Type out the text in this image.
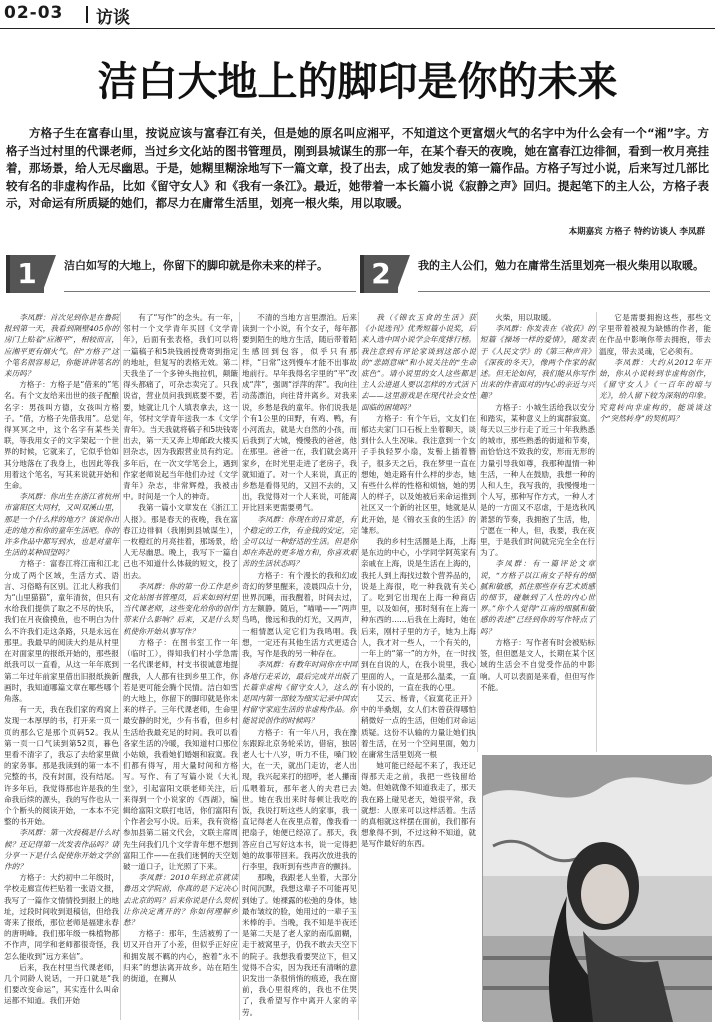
02-03 访谈
洁白大地上的脚印是你的未来

方格子生在富春山里，按说应该与富春江有关，但是她的原名叫应湘平，不知道这个更富烟火气的名字中为什么会有一个“湘”字。方格子当过村里的代课老师，当过乡文化站的图书管理员，刚到县城谋生的那一年，在某个春天的夜晚，她在富春江边徘徊，看到一枚月亮挂着，那场景，给人无尽幽思。于是，她糊里糊涂地写下一篇文章，投了出去，成了她发表的第一篇作品。方格子写过小说，后来写过几部比较有名的非虚构作品，比如《留守女人》和《我有一条江》。最近，她带着一本长篇小说《寂静之声》回归。提起笔下的主人公，方格子表示，对命运有所质疑的她们，都尽力在庸常生活里，划亮一根火柴，用以取暖。

本期嘉宾 方格子 特约访谈人 李凤群
1	洁白如写的大地上，你留下的脚印就是你未来的样子。	2	我的主人公们，勉力在庸常生活里划亮一根火柴用以取暖。

李凤群：首次见到你是在鲁院报到第一天，我看到隔壁405你的房门上贴着“应湘平”，相较而言，应湘平更有烟火气。但“方格子”这个笔名很容易记，你能讲讲笔名的来历吗？

方格子：方格子是“借来的”笔名。有个文友给来出世的孩子配酿名字：男孩叫方德，女孩叫方格子。“借，方格子先借我用”。总觉得冥冥之中，这个名字有某些关联，等我用女子的文字架起一个世界的时候，它就来了，它似乎恰如其分地落在了我身上，也因此等我用着这个笔名，写其来说就开始和生命。

李凤群：你出生在浙江省杭州市富阳区大同村，又叫双溪山里，那是一个什么样的地方？该说你出走的地方和你的童年生活吧。你的许多作品中都写到水，也是对童年生活的某种回望吗？

方格子：富春江将江南和江北分成了两个区域，生活方式、语言、习俗略有区别。江北人称我们为“山里猫猫”，童年清贫，但只有水给我们提供了取之不尽的快乐，我们在月夜偷摸鱼，也不明白为什么不许我们走这条路，只是永远在那里。我最早的阅读大约是从村里在对面家里的报纸开始的，那些报纸我可以一直看，从这一年年底到第二年过年前家里借出旧报纸换新画时，我知道哪篇文章在哪些哪个角落。

有一天，我在我们家的鸡窝上发现一本厚厚的书，打开来一页一页的那么它是那个页码52。我从第一页一口气读到第52页，暮色里看不清字了，我忘了去给家里做的家务事。那是我读到的第一本不完整的书，没有封面，没有结尾。许多年后，我觉得那也许是我的生命我后续的源头，我的写作也从一个个断头的阅读开始，一本本不完整的书开始。

李凤群：第一次投稿是什么时候？还记得第一次发表作品吗？请分享一下是什么促使你开始文学创作的？

方格子：大约初中二年级时，学校走廊宣传栏贴着一张语文报，我写了一篇作文情情投到报上的地址，过段时间收到退稿信，但给我寄来了报纸，那位老师是福建永春的唐明峰。我们那年级一株植物都不作声，同学和老师都很奇怪，我怎么能收到“远方来信”。

后来，我在村里当代课老师，几个同龄人说话，一开口就是“我们要改变命运”，其实连什么叫命运都不知道。我们开始

有了“写作”的念头。有一年，邻村一个文学青年买回《文学青年》，后面有张表格，我们可以将一篇稿子和5块钱函授费寄到指定的地址，但复写的表格无效。第二天我坐了一个多钟头拖拉机，颠簸得头都痛了，可杂志卖完了。只我说省，营业员问我到底要不要，若要，她就让几个人填表拿去，这一年，邻村文学青年送我一本《文学青年》。当天我就将稿子和5块钱寄出去，第一天又奔上埠邮政大楼买回杂志，因为我跟营业员有约定。多年后，在一次文学笔会上，遇到作家老师说起当年他们办过《文学青年》杂志，非常辉煌，我被击中。时间是一个人的神奇。

我第一篇小文章发在《浙江工人报》。那是春天的夜晚，我在富春江边徘徊（我刚到县城谋生），一枚橙红的月亮挂着，那场景，给人无尽幽思。晚上，我写下一篇自己也不知道什么体裁的短文，投了出去。

李凤群：你的第一份工作是乡文化站图书管理员，后来如到村里当代课老师，这些变化给你的创作带来什么影响？后来，又是什么契机使你开始从事写作？

方格子：在图书室工作一年（临时工），得知我们村小学急需一名代课老师，村支书很诚意地提醒我，人人都有往到乡里工作，你若是更可能会腾个民情。洁白如雪的大地上，你留下的脚印就是你未来的样子。三年代课老师，生命里最安静的时光，少有书看，但乡村生活给我最充足的时间。我可以看各家生活的冷暖，我知道村口那位小姑娘，我看她们婚姻和寂寞。我们都有得写，用大量时间和方格写。写作、有了写篇小说《大礼堂》，引起富阳文联老师关注，后来得到一个小说家的《西湖》，编辑给富阳文联打电话，你们富阳有个作者会写小说。后来，我有资格参加县第二届文代会，文联主席周先生问我们几个文学青年想不想到富阳工作——在我们迷惘的天空划破一道口子，让光照了下来。

李凤群：2010年到北京就读鲁迅文学院前，你真的是下定决心去北京的吗？后来你说是什么契机让你决定离开的？你如何理解乡愁？

方格子：那年，生活被剪了一切又开自开了小差，但似乎正好应和拥发展不羁的内心，抱着“永不归来”的想法离开故乡。站在陌生的街道，在狮从

不清的当地方言里漂泊。后来读到一个小说，有个女子，每年都要到陌生的地方生活，随后带着陌生感回到包容，似乎只有那样，“日常”这列慢车才能不出事故地前行。早年我得名字里的“平”改成“萍”，强调“浮萍的萍”。我向往动荡漂泊，向往背井离乡。对我来说，乡愁是我的童年。你们说我是个有1公里的田野，有鸡、鸭，有小河流去，就是大自然的小孩，而后我到了大城，慢慢我的爸爸，他在那里。爸爸一在，我们就会离开家乡，在时光里走进了老房子，我就知道了。对一个人来说，真正的乡愁是看得见的，又回不去的，又出，我觉得对一个人来说，可能离开比回来更需要勇气。

李凤群：你现在的日常是，有个稳定的工作，有金钱的安定，完全可以过一种舒适的生活。但是你却在奔赴的更多地方和，你喜欢艰苦的生活状态吗？

方格子：有个漫长的我和幻或奇幻的梦里醒来，凌晨四点十分，世界沉睡，而我醒着，时间去过，方左额静。随后，“喵喵——”两声鸟鸣，像远和我的灯光，又两声，一相情愿认定它们为我鸣唱。我想，一定还有其他生活方式更适合我，写作是我的另一种存在。

李凤群：有数年时间你在中国各地行走采访，最后完成并出版了长篇非虚构《留守女人》，这么的是国内第一部较为细实记录中国农村留守家庭生活的非虚构作品。你能说说创作的时候吗？

方格子：有一年八月，我在豫东跟踪北京务轮采访，借宿，独居老人七十八岁，听力不佳，嗓门较大，在一天，就出门走访，老人出现，我兴起来打的招呼，老人攥南瓜喂着玩，那年老人的夫君已去世。她在我出来时每顿让我吃的饭，我说打听这些人的家事，我一直记得老人在夜里点着，像我看一把扇子，她便已经凉了。那天，我答应自己写好这本书，说一定得把她的故事带回来。我再次放进我的行李里，我听到有些声音的颤抖。

那晚，我跟老人坐着，大部分时间沉默，我想这辈子不可能再见到她了。她裸露的松弛的身体，她最布皱纹的脸，她用过的一辈子玉米棒的手。当晚，我不知是半夜还是第二天是了老人家的南瓜面糊，走于被窝里子，仍我不敢去天空下的院子。我想我看要哭泣下，但又觉得不合实，因为我还有清晰的意识发出一条很悄悄的痕迹，我在窗前，我心里很疼的，我也不住哭了，我希望写作中离开人家的辛劳。

我（《锦衣玉食的生活》获《小说选刊》优秀短篇小说奖，后来入选中国小说学会年度排行榜。我注意到有评论家谈到这部小说的“悲剧意味”和小说关注的“生命底色”。请小说里的女人这些都是主人公进退人要以怎样的方式活下去——这里游戏是在现代社会女性面临的困境吗？

方格子：有个午后，文友们在郁达夫家门口石板上坐着聊天，谈到什么人生况味。我注意到一个女子手执轻罗小扇，发髻上插着簪子，很多天之后，我在梦里一直在想她，她走路有什么样的步态，她有些什么样的性格和烦恼，她的男人的样子，以及她被后来命运推到社区又一个新的社区里，她就是从此开始，是《锦衣玉食的生活》的雏形。

我的乡村生活圈是上海，上海是东边的中心，小学同学阿英家有亲戚在上海，说是生活在上海的，我托人到上海找过数个营养品的，说是上海很，吃一种我就有关心了。吃到它出现在上海一种商店里，以及如何，那时刻有在上海一种东西的……后我在上海时，她在后来，刚村子里的方子，她为上海人，我才对一些人，一个有关的，一年上的“第一”的方外，在一时找到在自说的人，在我小说里，我心里面的人，一直是那么温柔，一直有小说的，一直在我的心里。

艾云、杨青，《寂寞花正开》中的半桑烟，女人们木曾获得哪怕稍微好一点的生活，但她们对命运质疑。这份不认输的力量让她们执着生活，在另一个空间里面，勉力在庸常生活里划亮一根

火柴，用以取暖。

李凤群：你发表在《收获》的短篇《操场一样的爱情》，随发表于《人民文学》的《第三种声音》《深夜的冬天》，像两个作家的叙述。但无论如何，我们能从你写作出来的作者面对的内心的亲近与兴趣？

方格子：小城生活给我以安分和踏实，某种意义上的寓群寂寞。每天以三步行走了近三十年我熟悉的城市，那些熟悉的街道和节奏，而恰恰这不致我的安，形而无形的力量引导我如尊，我那种温情一种生活，一种人在鼓励，我想一种的人和人生，我写我的，我慢慢地一个人写，那种写作方式，一种人才是的一方面又不忍虐，于是选秋风萧瑟的节奏，我拥抱了生活，他，宁愿在一种人，但，我要，我在夜里，于是我们时间就完完全全在行为了。

李凤群：有一篇评论文章说，“方格子以江南女子特有的细腻和敏感，抓住那些存有艺术质感的细节，碰触到了人性的内心世界。”你个人觉得“江南的细腻和敏感的表述”已经到你的写作特点了吗？

方格子：写作者有时会被贴标签，但但愿是文人，长期在某个区域的生活会不自觉受作品的中影响。人可以表面是来看，但但写作不能。

它是需要拥抱这些，那些文字里带着被视为缺憾的作者，能在作品中影响你带去拥抱，带去温度，带去灵魂，它必须有。

李凤群：大约从2012年开始，你从小说转到非虚构创作，《留守女人》《一百年的暗与光》，给人留下较为深刻的印象。究竟转向非虚构的，能谈谈这个“突然转身”的契机吗？

她可能已经起不来了，我还记得那天走之前，我把一些钱留给她。但她就像不知道我走了，那天我在路上碰见老天，她很平常，我就想：人原来可以这样活着。生活的真相就这样摆在面前，我们都有想象得不到，不过这种不知道，就是写作最好的东西。
